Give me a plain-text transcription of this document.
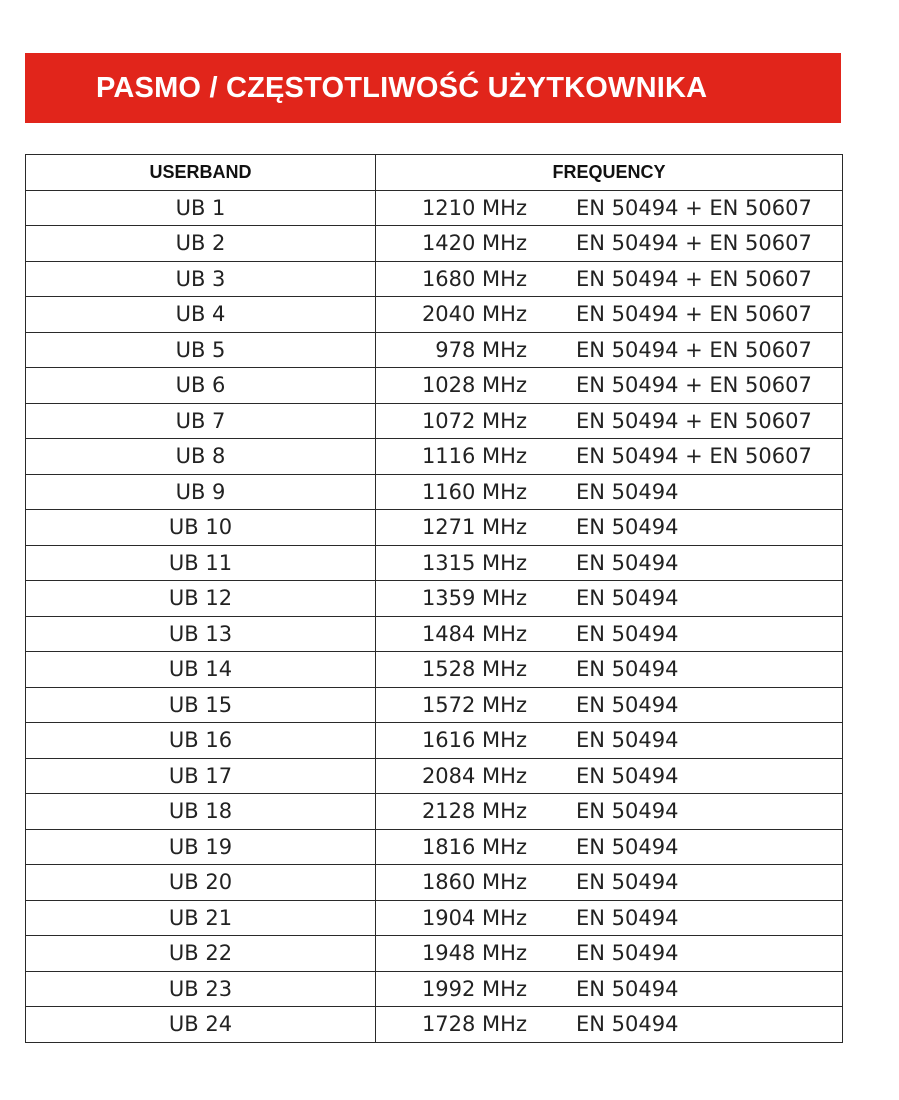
PASMO / CZĘSTOTLIWOŚĆ UŻYTKOWNIKA
USERBAND	FREQUENCY
UB 1	1210 MHz EN 50494 + EN 50607

UB 2	1420 MHz EN 50494 + EN 50607

UB 3	1680 MHz EN 50494 + EN 50607

UB 4	2040 MHz EN 50494 + EN 50607

UB 5	978 MHz EN 50494 + EN 50607

UB 6	1028 MHz EN 50494 + EN 50607

UB 7	1072 MHz EN 50494 + EN 50607

UB 8	1116 MHz EN 50494 + EN 50607

UB 9	1160 MHz EN 50494

UB 10	1271 MHz EN 50494

UB 11	1315 MHz EN 50494

UB 12	1359 MHz EN 50494

UB 13	1484 MHz EN 50494

UB 14	1528 MHz EN 50494

UB 15	1572 MHz EN 50494

UB 16	1616 MHz EN 50494

UB 17	2084 MHz EN 50494

UB 18	2128 MHz EN 50494

UB 19	1816 MHz EN 50494

UB 20	1860 MHz EN 50494

UB 21	1904 MHz EN 50494

UB 22	1948 MHz EN 50494

UB 23	1992 MHz EN 50494

UB 24	1728 MHz EN 50494
